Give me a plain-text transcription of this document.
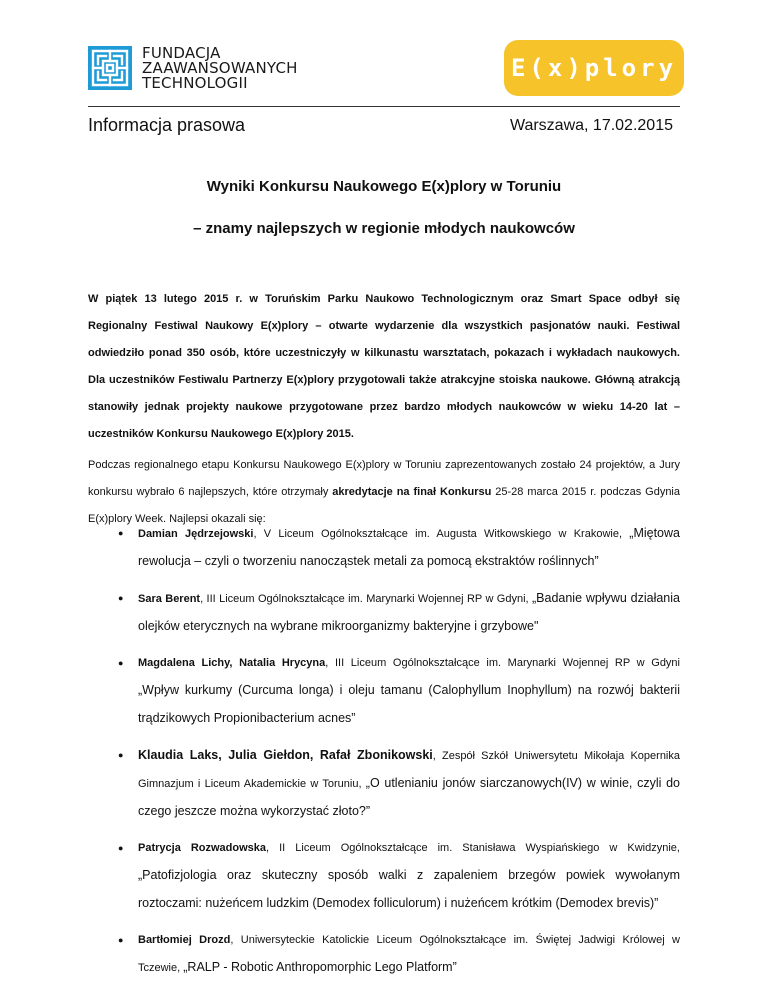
FUNDACJA
ZAAWANSOWANYCH
TECHNOLOGII
E(x)plory
Informacja prasowa	Warszawa, 17.02.2015
Wyniki Konkursu Naukowego E(x)plory w Toruniu
– znamy najlepszych w regionie młodych naukowców

W piątek 13 lutego 2015 r. w Toruńskim Parku Naukowo Technologicznym oraz Smart Space odbył się Regionalny Festiwal Naukowy E(x)plory – otwarte wydarzenie dla wszystkich pasjonatów nauki. Festiwal odwiedziło ponad 350 osób, które uczestniczyły w kilkunastu warsztatach, pokazach i wykładach naukowych. Dla uczestników Festiwalu Partnerzy E(x)plory przygotowali także atrakcyjne stoiska naukowe. Główną atrakcją stanowiły jednak projekty naukowe przygotowane przez bardzo młodych naukowców w wieku 14-20 lat – uczestników Konkursu Naukowego E(x)plory 2015.

Podczas regionalnego etapu Konkursu Naukowego E(x)plory w Toruniu zaprezentowanych zostało 24 projektów, a Jury konkursu wybrało 6 najlepszych, które otrzymały akredytacje na finał Konkursu 25-28 marca 2015 r. podczas Gdynia E(x)plory Week. Najlepsi okazali się:

● Damian Jędrzejowski, V Liceum Ogólnokształcące im. Augusta Witkowskiego w Krakowie, „Miętowa rewolucja – czyli o tworzeniu nanocząstek metali za pomocą ekstraktów roślinnych”
● Sara Berent, III Liceum Ogólnokształcące im. Marynarki Wojennej RP w Gdyni, „Badanie wpływu działania olejków eterycznych na wybrane mikroorganizmy bakteryjne i grzybowe"
● Magdalena Lichy, Natalia Hrycyna, III Liceum Ogólnokształcące im. Marynarki Wojennej RP w Gdyni „Wpływ kurkumy (Curcuma longa) i oleju tamanu (Calophyllum Inophyllum) na rozwój bakterii trądzikowych Propionibacterium acnes”
● Klaudia Laks, Julia Giełdon, Rafał Zbonikowski, Zespół Szkół Uniwersytetu Mikołaja Kopernika Gimnazjum i Liceum Akademickie w Toruniu, „O utlenianiu jonów siarczanowych(IV) w winie, czyli do czego jeszcze można wykorzystać złoto?”
● Patrycja Rozwadowska, II Liceum Ogólnokształcące im. Stanisława Wyspiańskiego w Kwidzynie, „Patofizjologia oraz skuteczny sposób walki z zapaleniem brzegów powiek wywołanym roztoczami: nużeńcem ludzkim (Demodex folliculorum) i nużeńcem krótkim (Demodex brevis)”
● Bartłomiej Drozd, Uniwersyteckie Katolickie Liceum Ogólnokształcące im. Świętej Jadwigi Królowej w Tczewie, „RALP - Robotic Anthropomorphic Lego Platform”
